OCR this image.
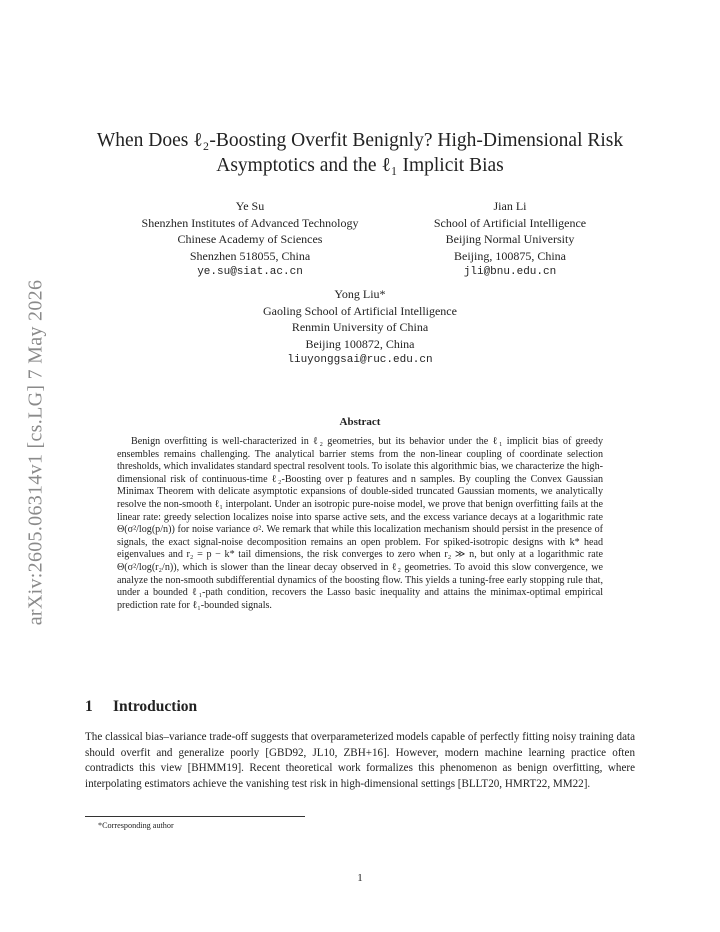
arXiv:2605.06314v1 [cs.LG] 7 May 2026
When Does ℓ₂-Boosting Overfit Benignly? High-Dimensional Risk
Asymptotics and the ℓ₁ Implicit Bias
Ye Su
Shenzhen Institutes of Advanced Technology
Chinese Academy of Sciences
Shenzhen 518055, China
ye.su@siat.ac.cn
Jian Li
School of Artificial Intelligence
Beijing Normal University
Beijing, 100875, China
jli@bnu.edu.cn
Yong Liu*
Gaoling School of Artificial Intelligence
Renmin University of China
Beijing 100872, China
liuyonggsai@ruc.edu.cn
Abstract

Benign overfitting is well-characterized in ℓ₂ geometries, but its behavior under the ℓ₁ implicit bias of greedy ensembles remains challenging. The analytical barrier stems from the non-linear coupling of coordinate selection thresholds, which invalidates standard spectral resolvent tools. To isolate this algorithmic bias, we characterize the high-dimensional risk of continuous-time ℓ₂-Boosting over p features and n samples. By coupling the Convex Gaussian Minimax Theorem with delicate asymptotic expansions of double-sided truncated Gaussian moments, we analytically resolve the non-smooth ℓ₁ interpolant. Under an isotropic pure-noise model, we prove that benign overfitting fails at the linear rate: greedy selection localizes noise into sparse active sets, and the excess variance decays at a logarithmic rate Θ(σ²/log(p/n)) for noise variance σ². We remark that while this localization mechanism should persist in the presence of signals, the exact signal-noise decomposition remains an open problem. For spiked-isotropic designs with k* head eigenvalues and r₂ = p − k* tail dimensions, the risk converges to zero when r₂ ≫ n, but only at a logarithmic rate Θ(σ²/log(r₂/n)), which is slower than the linear decay observed in ℓ₂ geometries. To avoid this slow convergence, we analyze the non-smooth subdifferential dynamics of the boosting flow. This yields a tuning-free early stopping rule that, under a bounded ℓ₁-path condition, recovers the Lasso basic inequality and attains the minimax-optimal empirical prediction rate for ℓ₁-bounded signals.

1 Introduction

The classical bias–variance trade-off suggests that overparameterized models capable of perfectly fitting noisy training data should overfit and generalize poorly [GBD92, JL10, ZBH+16]. However, modern machine learning practice often contradicts this view [BHMM19]. Recent theoretical work formalizes this phenomenon as benign overfitting, where interpolating estimators achieve the vanishing test risk in high-dimensional settings [BLLT20, HMRT22, MM22].

*Corresponding author
1
